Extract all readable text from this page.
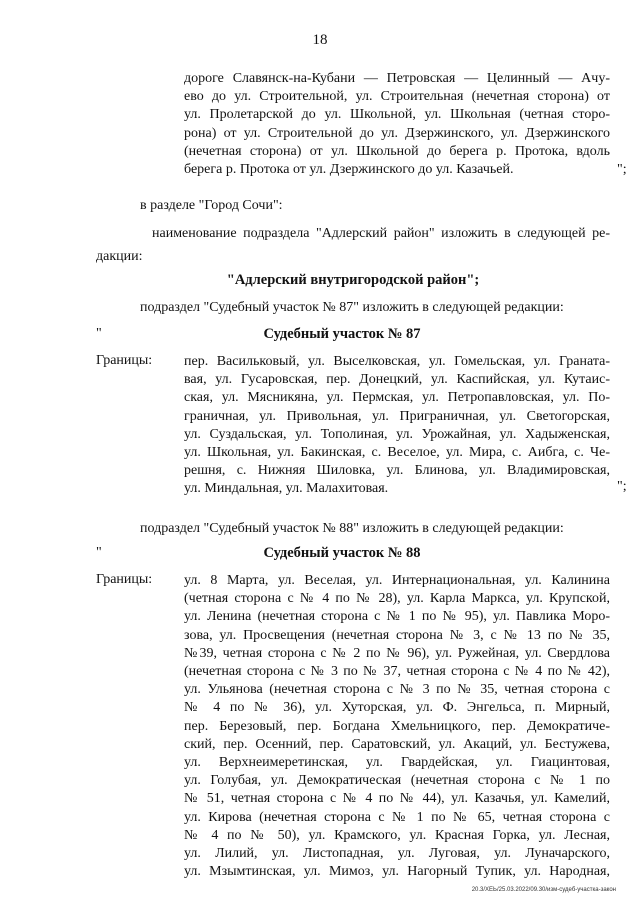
18
дороге Славянск-на-Кубани — Петровская — Целинный — Ачу-
ево до ул. Строительной, ул. Строительная (нечетная сторона) от
ул. Пролетарской до ул. Школьной, ул. Школьная (четная сторо-
рона) от ул. Строительной до ул. Дзержинского, ул. Дзержинского
(нечетная сторона) от ул. Школьной до берега р. Протока, вдоль
берега р. Протока от ул. Дзержинского до ул. Казачьей.	";
в разделе "Город Сочи":
наименование подраздела "Адлерский район" изложить в следующей ре-
дакции:
"Адлерский внутригородской район";
подраздел "Судебный участок № 87" изложить в следующей редакции:
"	Судебный участок № 87
Границы: пер. Васильковый, ул. Выселковская, ул. Гомельская, ул. Граната-
вая, ул. Гусаровская, пер. Донецкий, ул. Каспийская, ул. Кутаис-
ская, ул. Мясникяна, ул. Пермская, ул. Петропавловская, ул. По-
граничная, ул. Привольная, ул. Приграничная, ул. Светогорская,
ул. Суздальская, ул. Тополиная, ул. Урожайная, ул. Хадыженская,
ул. Школьная, ул. Бакинская, с. Веселое, ул. Мира, с. Аибга, с. Че-
решня, с. Нижняя Шиловка, ул. Блинова, ул. Владимировская,
ул. Миндальная, ул. Малахитовая.	";
подраздел "Судебный участок № 88" изложить в следующей редакции:
"	Судебный участок № 88
Границы: ул. 8 Марта, ул. Веселая, ул. Интернациональная, ул. Калинина
(четная сторона с № 4 по № 28), ул. Карла Маркса, ул. Крупской,
ул. Ленина (нечетная сторона с № 1 по № 95), ул. Павлика Моро-
зова, ул. Просвещения (нечетная сторона № 3, с № 13 по № 35,
№39, четная сторона с № 2 по № 96), ул. Ружейная, ул. Свердлова
(нечетная сторона с № 3 по № 37, четная сторона с № 4 по № 42),
ул. Ульянова (нечетная сторона с № 3 по № 35, четная сторона с
№ 4 по № 36), ул. Хуторская, ул. Ф. Энгельса, п. Мирный,
пер. Березовый, пер. Богдана Хмельницкого, пер. Демократиче-
ский, пер. Осенний, пер. Саратовский, ул. Акаций, ул. Бестужева,
ул. Верхнеимеретинская, ул. Гвардейская, ул. Гиацинтовая,
ул. Голубая, ул. Демократическая (нечетная сторона с № 1 по
№ 51, четная сторона с № 4 по № 44), ул. Казачья, ул. Камелий,
ул. Кирова (нечетная сторона с № 1 по № 65, четная сторона с
№ 4 по № 50), ул. Крамского, ул. Красная Горка, ул. Лесная,
ул. Лилий, ул. Листопадная, ул. Луговая, ул. Луначарского,
ул. Мзымтинская, ул. Мимоз, ул. Нагорный Тупик, ул. Народная,
20.3/ХЕЬ/25.03.2022/09.30/изм-судеб-участка-закон
